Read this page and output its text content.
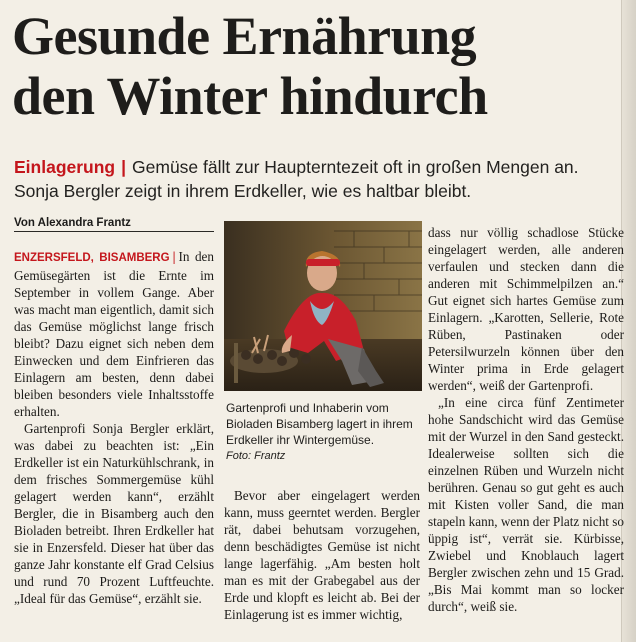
Gesunde Ernährung
den Winter hindurch
Einlagerung | Gemüse fällt zur Haupterntezeit oft in großen Mengen an. Sonja Bergler zeigt in ihrem Erdkeller, wie es haltbar bleibt.
Von Alexandra Frantz

ENZERSFELD, BISAMBERG | In den Gemüsegärten ist die Ernte im September in vollem Gange. Aber was macht man eigentlich, damit sich das Gemüse möglichst lange frisch bleibt? Dazu eignet sich neben dem Einwecken und dem Einfrieren das Einlagern am besten, denn dabei bleiben besonders viele Inhaltsstoffe erhalten.

Gartenprofi Sonja Bergler erklärt, was dabei zu beachten ist: „Ein Erdkeller ist ein Naturkühlschrank, in dem frisches Sommergemüse kühl gelagert werden kann“, erzählt Bergler, die in Bisamberg auch den Bioladen betreibt. Ihren Erdkeller hat sie in Enzersfeld. Dieser hat über das ganze Jahr konstante elf Grad Celsius und rund 70 Prozent Luftfeuchte. „Ideal für das Gemüse“, erzählt sie.

Gartenprofi und Inhaberin vom Bioladen Bisamberg lagert in ihrem Erdkeller ihr Wintergemüse.
Foto: Frantz

Bevor aber eingelagert werden kann, muss geerntet werden. Bergler rät, dabei behutsam vorzugehen, denn beschädigtes Gemüse ist nicht lange lagerfähig. „Am besten holt man es mit der Grabegabel aus der Erde und klopft es leicht ab. Bei der Einlagerung ist es immer wichtig,

dass nur völlig schadlose Stücke eingelagert werden, alle anderen verfaulen und stecken dann die anderen mit Schimmelpilzen an.“ Gut eignet sich hartes Gemüse zum Einlagern. „Karotten, Sellerie, Rote Rüben, Pastinaken oder Petersilwurzeln können über den Winter prima in Erde gelagert werden“, weiß der Gartenprofi.

„In eine circa fünf Zentimeter hohe Sandschicht wird das Gemüse mit der Wurzel in den Sand gesteckt. Idealerweise sollten sich die einzelnen Rüben und Wurzeln nicht berühren. Genau so gut geht es auch mit Kisten voller Sand, die man stapeln kann, wenn der Platz nicht so üppig ist“, verrät sie. Kürbisse, Zwiebel und Knoblauch lagert Bergler zwischen zehn und 15 Grad. „Bis Mai kommt man so locker durch“, weiß sie.
